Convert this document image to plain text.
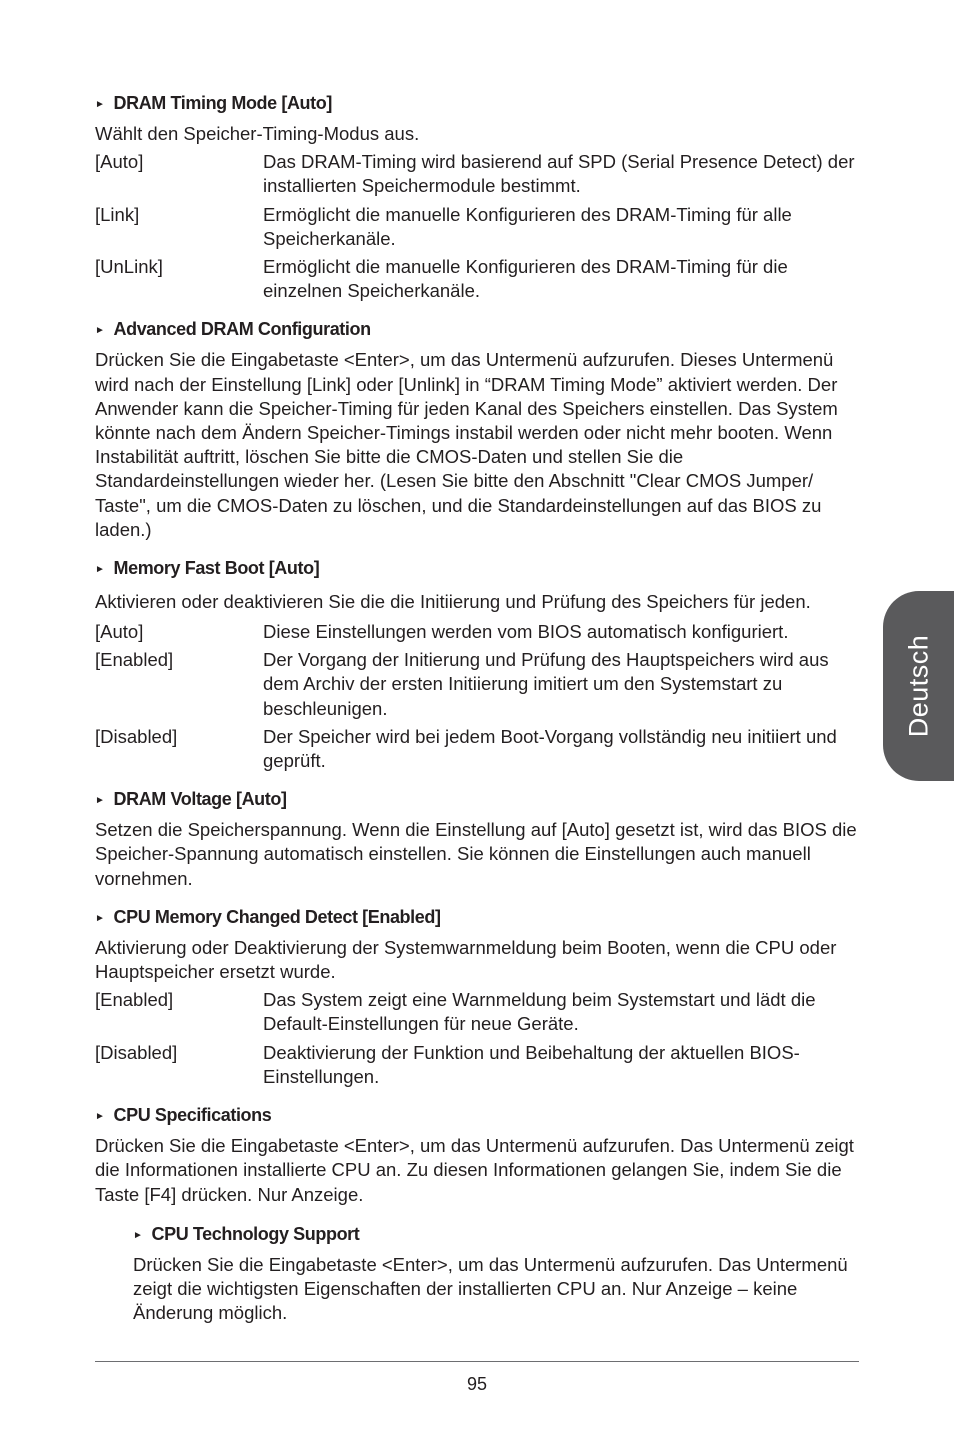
► DRAM Timing Mode [Auto]
Wählt den Speicher-Timing-Modus aus.
[Auto]	Das DRAM-Timing wird basierend auf SPD (Serial Presence Detect) der installierten Speichermodule bestimmt.
[Link]	Ermöglicht die manuelle Konfigurieren des DRAM-Timing für alle Speicherkanäle.
[UnLink]	Ermöglicht die manuelle Konfigurieren des DRAM-Timing für die einzelnen Speicherkanäle.
► Advanced DRAM Configuration
Drücken Sie die Eingabetaste <Enter>, um das Untermenü aufzurufen. Dieses Untermenü wird nach der Einstellung [Link] oder [Unlink] in “DRAM Timing Mode” aktiviert werden. Der Anwender kann die Speicher-Timing für jeden Kanal des Speichers einstellen. Das System könnte nach dem Ändern Speicher-Timings instabil werden oder nicht mehr booten. Wenn Instabilität auftritt, löschen Sie bitte die CMOS-Daten und stellen Sie die Standardeinstellungen wieder her. (Lesen Sie bitte den Abschnitt "Clear CMOS Jumper/ Taste", um die CMOS-Daten zu löschen, und die Standardeinstellungen auf das BIOS zu laden.)
► Memory Fast Boot [Auto]
Aktivieren oder deaktivieren Sie die die Initiierung und Prüfung des Speichers für jeden.
[Auto]	Diese Einstellungen werden vom BIOS automatisch konfiguriert.
[Enabled]	Der Vorgang der Initierung und Prüfung des Hauptspeichers wird aus dem Archiv der ersten Initiierung imitiert um den Systemstart zu beschleunigen.
[Disabled]	Der Speicher wird bei jedem Boot-Vorgang vollständig neu initiiert und geprüft.
► DRAM Voltage [Auto]
Setzen die Speicherspannung. Wenn die Einstellung auf [Auto] gesetzt ist, wird das BIOS die Speicher-Spannung automatisch einstellen. Sie können die Einstellungen auch manuell vornehmen.
► CPU Memory Changed Detect [Enabled]
Aktivierung oder Deaktivierung der Systemwarnmeldung beim Booten, wenn die CPU oder Hauptspeicher ersetzt wurde.
[Enabled]	Das System zeigt eine Warnmeldung beim Systemstart und lädt die Default-Einstellungen für neue Geräte.
[Disabled]	Deaktivierung der Funktion und Beibehaltung der aktuellen BIOS-Einstellungen.
► CPU Specifications
Drücken Sie die Eingabetaste <Enter>, um das Untermenü aufzurufen. Das Untermenü zeigt die Informationen installierte CPU an. Zu diesen Informationen gelangen Sie, indem Sie die Taste [F4] drücken. Nur Anzeige.
► CPU Technology Support
Drücken Sie die Eingabetaste <Enter>, um das Untermenü aufzurufen. Das Untermenü zeigt die wichtigsten Eigenschaften der installierten CPU an. Nur Anzeige – keine Änderung möglich.
95
Deutsch
